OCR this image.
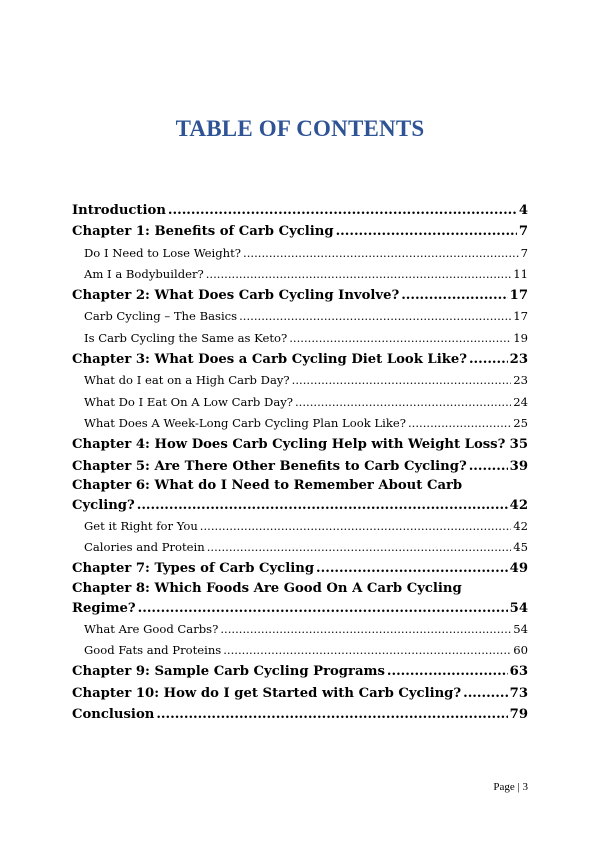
TABLE OF CONTENTS
Introduction .....	4
Chapter 1: Benefits of Carb Cycling .....	7
Do I Need to Lose Weight? .....	7
Am I a Bodybuilder? .....	11
Chapter 2: What Does Carb Cycling Involve? .....	17
Carb Cycling – The Basics .....	17
Is Carb Cycling the Same as Keto? .....	19
Chapter 3: What Does a Carb Cycling Diet Look Like? .....	23
What do I eat on a High Carb Day? .....	23
What Do I Eat On A Low Carb Day? .....	24
What Does A Week-Long Carb Cycling Plan Look Like? .....	25
Chapter 4: How Does Carb Cycling Help with Weight Loss? ..... 35
Chapter 5: Are There Other Benefits to Carb Cycling? .....	39
Chapter 6: What do I Need to Remember About Carb
Cycling? .....	42
Get it Right for You .....	42
Calories and Protein .....	45
Chapter 7: Types of Carb Cycling .....	49
Chapter 8: Which Foods Are Good On A Carb Cycling
Regime? .....	54
What Are Good Carbs? .....	54
Good Fats and Proteins .....	60
Chapter 9: Sample Carb Cycling Programs .....	63
Chapter 10: How do I get Started with Carb Cycling? .....	73
Conclusion .....	79
Page | 3
